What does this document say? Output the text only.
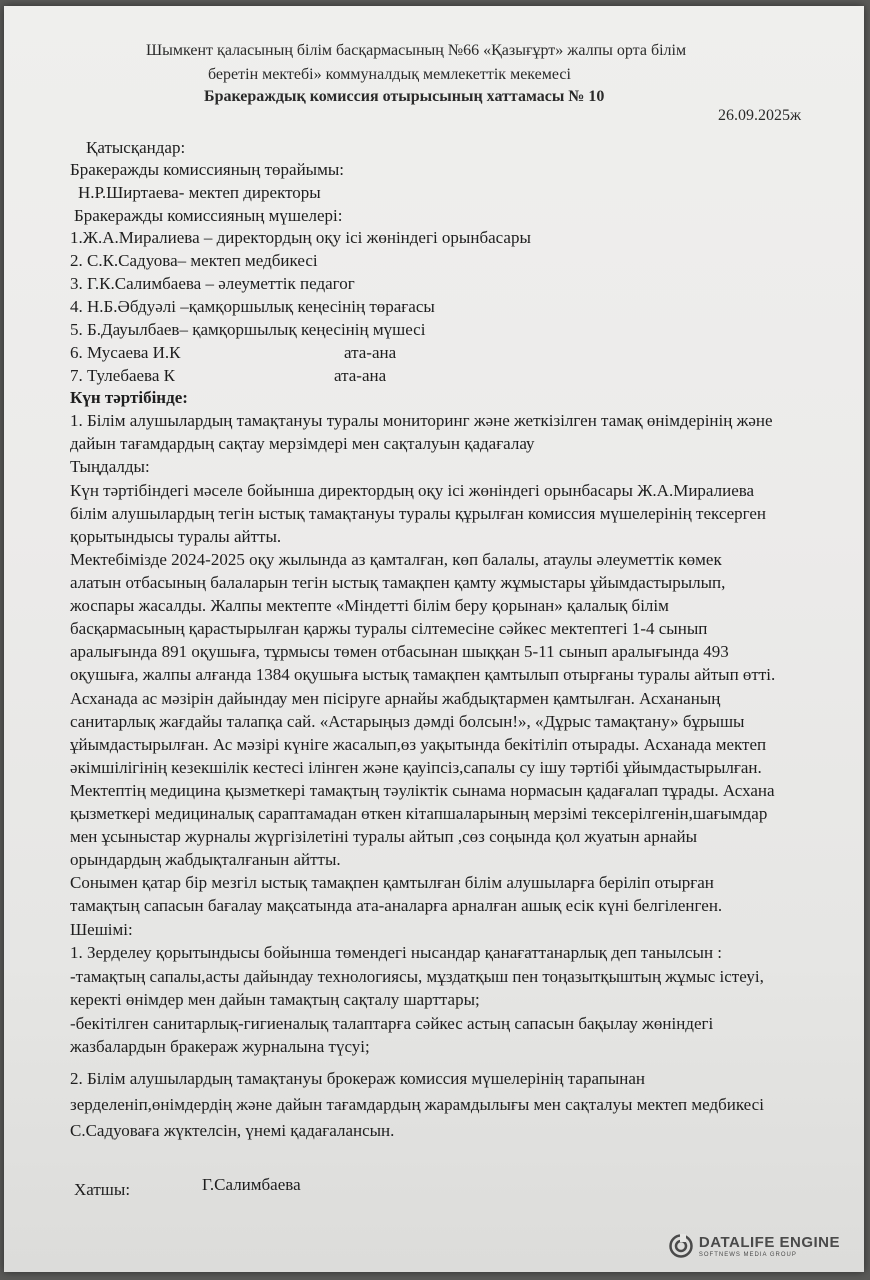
Шымкент қаласының білім басқармасының №66 «Қазығұрт» жалпы орта білім
беретін мектебі» коммуналдық мемлекеттік мекемесі
Бракераждық комиссия отырысының хаттамасы № 10
26.09.2025ж
Қатысқандар:
Бракеражды комиссияның төрайымы:
Н.Р.Ширтаева- мектеп директоры
Бракеражды комиссияның мүшелері:
1.Ж.А.Миралиева – директордың оқу ісі жөніндегі орынбасары
2. С.К.Садуова– мектеп медбикесі
3. Г.К.Салимбаева – әлеуметтік педагог
4. Н.Б.Әбдуәлі –қамқоршылық кеңесінің төрағасы
5. Б.Дауылбаев– қамқоршылық кеңесінің мүшесі
6. Мусаева И.К	ата-ана
7. Тулебаева К	ата-ана
Күн тәртібінде:
1. Білім алушылардың тамақтануы туралы мониторинг және жеткізілген тамақ өнімдерінің және
дайын тағамдардың сақтау мерзімдері мен сақталуын қадағалау
Тыңдалды:
Күн тәртібіндегі мәселе бойынша директордың оқу ісі жөніндегі орынбасары Ж.А.Миралиева
білім алушылардың тегін ыстық тамақтануы туралы құрылған комиссия мүшелерінің тексерген
қорытындысы туралы айтты.
Мектебімізде 2024-2025 оқу жылында аз қамталған, көп балалы, атаулы әлеуметтік көмек
алатын отбасының балаларын тегін ыстық тамақпен қамту жұмыстары ұйымдастырылып,
жоспары жасалды. Жалпы мектепте «Міндетті білім беру қорынан» қалалық білім
басқармасының қарастырылған қаржы туралы сілтемесіне сәйкес мектептегі 1-4 сынып
аралығында 891 оқушыға, тұрмысы төмен отбасынан шыққан 5-11 сынып аралығында 493
оқушыға, жалпы алғанда 1384 оқушыға ыстық тамақпен қамтылып отырғаны туралы айтып өтті.
Асханада ас мәзірін дайындау мен пісіруге арнайы жабдықтармен қамтылған. Асхананың
санитарлық жағдайы талапқа сай. «Астарыңыз дәмді болсын!», «Дұрыс тамақтану» бұрышы
ұйымдастырылған. Ас мәзірі күніге жасалып,өз уақытында бекітіліп отырады. Асханада мектеп
әкімшілігінің кезекшілік кестесі ілінген және қауіпсіз,сапалы су ішу тәртібі ұйымдастырылған.
Мектептің медицина қызметкері тамақтың тәуліктік сынама нормасын қадағалап тұрады. Асхана
қызметкері медициналық сараптамадан өткен кітапшаларының мерзімі тексерілгенін,шағымдар
мен ұсыныстар журналы жүргізілетіні туралы айтып ,сөз соңында қол жуатын арнайы
орындардың жабдықталғанын айтты.
Сонымен қатар бір мезгіл ыстық тамақпен қамтылған білім алушыларға беріліп отырған
тамақтың сапасын бағалау мақсатында ата-аналарға арналған ашық есік күні белгіленген.
Шешімі:
1. Зерделеу қорытындысы бойынша төмендегі нысандар қанағаттанарлық деп танылсын :
-тамақтың сапалы,асты дайындау технологиясы, мұздатқыш пен тоңазытқыштың жұмыс істеуі,
керекті өнімдер мен дайын тамақтың сақталу шарттары;
-бекітілген санитарлық-гигиеналық талаптарға сәйкес астың сапасын бақылау жөніндегі
жазбалардын бракераж журналына түсуі;
2. Білім алушылардың тамақтануы брокераж комиссия мүшелерінің тарапынан
зерделеніп,өнімдердің және дайын тағамдардың жарамдылығы мен сақталуы мектеп медбикесі
С.Садуоваға жүктелсін, үнемі қадағалансын.
Хатшы:	Г.Салимбаева
DATALIFE ENGINE
SOFTNEWS MEDIA GROUP
